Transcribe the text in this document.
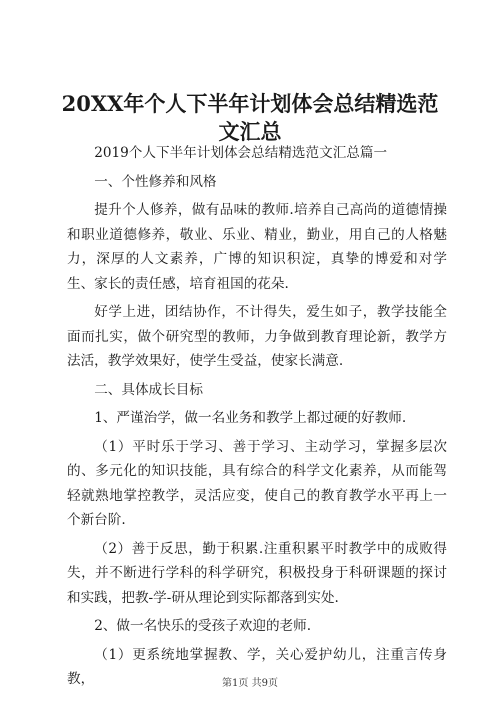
20XX年个人下半年计划体会总结精选范文汇总

2019个人下半年计划体会总结精选范文汇总篇一

一、个性修养和风格

提升个人修养，做有品味的教师.培养自己高尚的道德情操和职业道德修养，敬业、乐业、精业，勤业，用自己的人格魅力，深厚的人文素养，广博的知识积淀，真挚的博爱和对学生、家长的责任感，培育祖国的花朵.

好学上进，团结协作，不计得失，爱生如子，教学技能全面而扎实，做个研究型的教师，力争做到教育理论新，教学方法活，教学效果好，使学生受益，使家长满意.

二、具体成长目标

1、严谨治学，做一名业务和教学上都过硬的好教师.

（1）平时乐于学习、善于学习、主动学习，掌握多层次的、多元化的知识技能，具有综合的科学文化素养，从而能驾轻就熟地掌控教学，灵活应变，使自己的教育教学水平再上一个新台阶.

（2）善于反思，勤于积累.注重积累平时教学中的成败得失，并不断进行学科的科学研究，积极投身于科研课题的探讨和实践，把教-学-研从理论到实际都落到实处.

2、做一名快乐的受孩子欢迎的老师.

（1）更系统地掌握教、学，关心爱护幼儿，注重言传身教，	第1页 共9页
